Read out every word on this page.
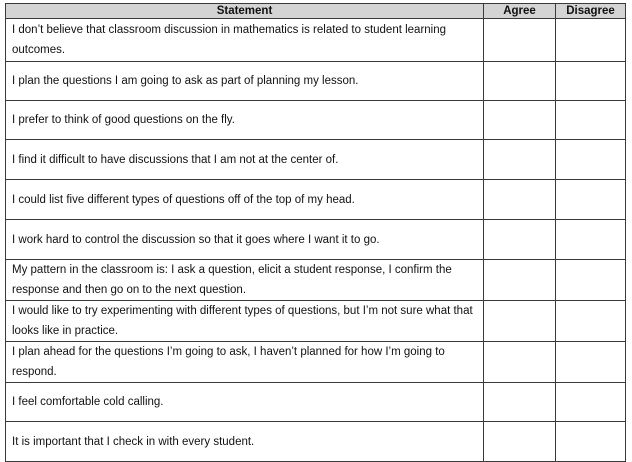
Statement	Agree	Disagree
I don’t believe that classroom discussion in mathematics is related to student learning outcomes.		
I plan the questions I am going to ask as part of planning my lesson.		
I prefer to think of good questions on the fly.		
I find it difficult to have discussions that I am not at the center of.		
I could list five different types of questions off of the top of my head.		
I work hard to control the discussion so that it goes where I want it to go.		
My pattern in the classroom is: I ask a question, elicit a student response, I confirm the response and then go on to the next question.		
I would like to try experimenting with different types of questions, but I’m not sure what that looks like in practice.		
I plan ahead for the questions I’m going to ask, I haven’t planned for how I’m going to respond.		
I feel comfortable cold calling.		
It is important that I check in with every student.		
